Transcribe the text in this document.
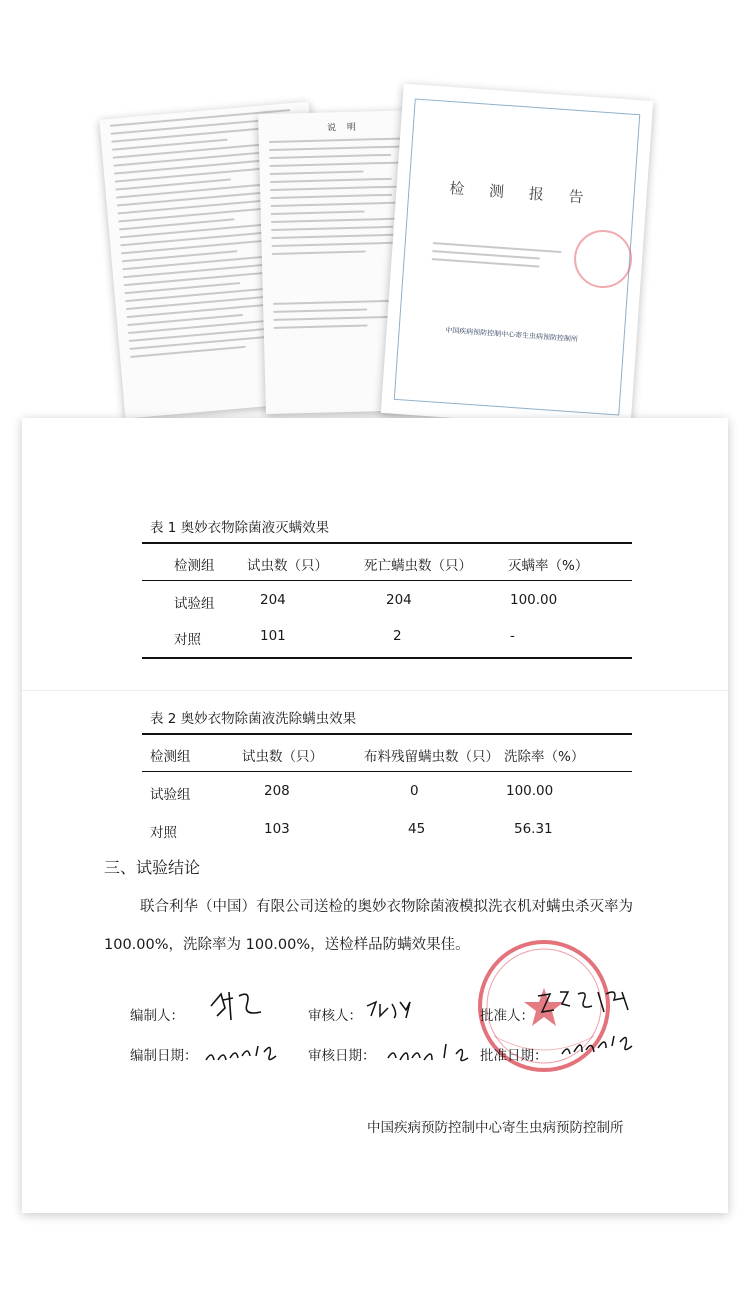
说 明
检 测 报 告
中国疾病预防控制中心寄生虫病预防控制所
表 1 奥妙衣物除菌液灭螨效果
检测组 试虫数（只）	死亡螨虫数（只）	灭螨率（%）
试验组	204	204	100.00
对照	101	2	-
表 2 奥妙衣物除菌液洗除螨虫效果
检测组	试虫数（只）	布料残留螨虫数（只） 洗除率（%）
试验组	208	0	100.00
对照	103	45	56.31
三、试验结论
联合利华（中国）有限公司送检的奥妙衣物除菌液模拟洗衣机对螨虫杀灭率为
100.00%，洗除率为 100.00%，送检样品防螨效果佳。
编制人：	审核人：	批准人：
编制日期：	审核日期：	批准日期：
中国疾病预防控制中心寄生虫病预防控制所
